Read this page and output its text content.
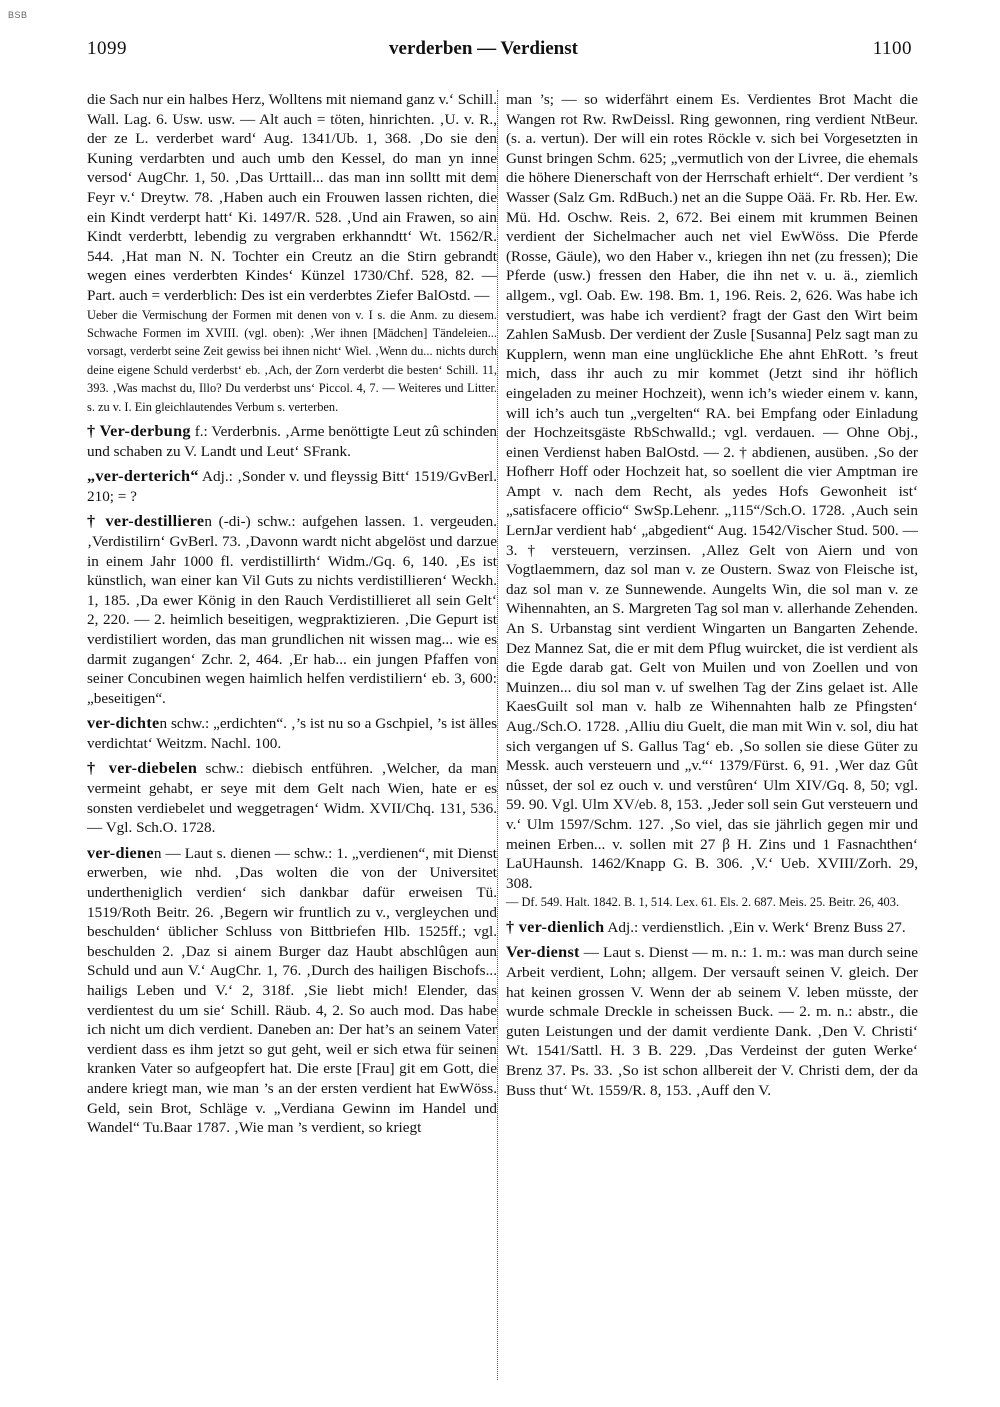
BSB
1099	verderben — Verdienst	1100

die Sach nur ein halbes Herz, Wolltens mit niemand ganz v.‘ Schill. Wall. Lag. 6. Usw. usw. — Alt auch = töten, hinrichten. ‚U. v. R., der ze L. verderbet ward‘ Aug. 1341/Ub. 1, 368. ‚Do sie den Kuning verdarbten und auch umb den Kessel, do man yn inne versod‘ AugChr. 1, 50. ‚Das Urttaill... das man inn solltt mit dem Feyr v.‘ Dreytw. 78. ‚Haben auch ein Frouwen lassen richten, die ein Kindt verderpt hatt‘ Ki. 1497/R. 528. ‚Und ain Frawen, so ain Kindt verderbtt, lebendig zu vergraben erkhanndtt‘ Wt. 1562/R. 544. ‚Hat man N. N. Tochter ein Creutz an die Stirn gebrandt wegen eines verderbten Kindes‘ Künzel 1730/Chf. 528, 82. — Part. auch = verderblich: Des ist ein verderbtes Ziefer BalOstd. —

Ueber die Vermischung der Formen mit denen von v. I s. die Anm. zu diesem. Schwache Formen im XVIII. (vgl. oben): ‚Wer ihnen [Mädchen] Tändeleien... vorsagt, verderbt seine Zeit gewiss bei ihnen nicht‘ Wiel. ‚Wenn du... nichts durch deine eigene Schuld verderbst‘ eb. ‚Ach, der Zorn verderbt die besten‘ Schill. 11, 393. ‚Was machst du, Illo? Du verderbst uns‘ Piccol. 4, 7. — Weiteres und Litter. s. zu v. I. Ein gleichlautendes Verbum s. verterben.

† Ver-derbung f.: Verderbnis. ‚Arme benöttigte Leut zû schinden und schaben zu V. Landt und Leut‘ SFrank.

„ver-derterich“ Adj.: ‚Sonder v. und fleyssig Bitt‘ 1519/GvBerl. 210; = ?

† ver-destillieren (-di-) schw.: aufgehen lassen. 1. vergeuden. ‚Verdistilirn‘ GvBerl. 73. ‚Davonn wardt nicht abgelöst und darzue in einem Jahr 1000 fl. verdistillirth‘ Widm./Gq. 6, 140. ‚Es ist künstlich, wan einer kan Vil Guts zu nichts verdistillieren‘ Weckh. 1, 185. ‚Da ewer König in den Rauch Verdistillieret all sein Gelt‘ 2, 220. — 2. heimlich beseitigen, wegpraktizieren. ‚Die Gepurt ist verdistiliert worden, das man grundlichen nit wissen mag... wie es darmit zugangen‘ Zchr. 2, 464. ‚Er hab... ein jungen Pfaffen von seiner Concubinen wegen haimlich helfen verdistiliern‘ eb. 3, 600: „beseitigen“.

ver-dichten schw.: „erdichten“. ‚’s ist nu so a Gschpiel, ’s ist älles verdichtat‘ Weitzm. Nachl. 100.

† ver-diebelen schw.: diebisch entführen. ‚Welcher, da man vermeint gehabt, er seye mit dem Gelt nach Wien, hate er es sonsten verdiebelet und weggetragen‘ Widm. XVII/Chq. 131, 536. — Vgl. Sch.O. 1728.

ver-dienen — Laut s. dienen — schw.: 1. „verdienen“, mit Dienst erwerben, wie nhd. ‚Das wolten die von der Universitet undertheniglich verdien‘ sich dankbar dafür erweisen Tü. 1519/Roth Beitr. 26. ‚Begern wir fruntlich zu v., vergleychen und beschulden‘ üblicher Schluss von Bittbriefen Hlb. 1525ff.; vgl. beschulden 2. ‚Daz si ainem Burger daz Haubt abschlûgen aun Schuld und aun V.‘ AugChr. 1, 76. ‚Durch des hailigen Bischofs... hailigs Leben und V.‘ 2, 318f. ‚Sie liebt mich! Elender, das verdientest du um sie‘ Schill. Räub. 4, 2. So auch mod. Das habe ich nicht um dich verdient. Daneben an: Der hat’s an seinem Vater verdient dass es ihm jetzt so gut geht, weil er sich etwa für seinen kranken Vater so aufgeopfert hat. Die erste [Frau] git em Gott, die andere kriegt man, wie man ’s an der ersten verdient hat EwWöss. Geld, sein Brot, Schläge v. „Verdiana Gewinn im Handel und Wandel“ Tu.Baar 1787. ‚Wie man ’s verdient, so kriegt

man ’s; — so widerfährt einem Es. Verdientes Brot Macht die Wangen rot Rw. RwDeissl. Ring gewonnen, ring verdient NtBeur. (s. a. vertun). Der will ein rotes Röckle v. sich bei Vorgesetzten in Gunst bringen Schm. 625; „vermutlich von der Livree, die ehemals die höhere Dienerschaft von der Herrschaft erhielt“. Der verdient ’s Wasser (Salz Gm. RdBuch.) net an die Suppe Oää. Fr. Rb. Her. Ew. Mü. Hd. Oschw. Reis. 2, 672. Bei einem mit krummen Beinen verdient der Sichelmacher auch net viel EwWöss. Die Pferde (Rosse, Gäule), wo den Haber v., kriegen ihn net (zu fressen); Die Pferde (usw.) fressen den Haber, die ihn net v. u. ä., ziemlich allgem., vgl. Oab. Ew. 198. Bm. 1, 196. Reis. 2, 626. Was habe ich verstudiert, was habe ich verdient? fragt der Gast den Wirt beim Zahlen SaMusb. Der verdient der Zusle [Susanna] Pelz sagt man zu Kupplern, wenn man eine unglückliche Ehe ahnt EhRott. ’s freut mich, dass ihr auch zu mir kommet (Jetzt sind ihr höflich eingeladen zu meiner Hochzeit), wenn ich’s wieder einem v. kann, will ich’s auch tun „vergelten“ RA. bei Empfang oder Einladung der Hochzeitsgäste RbSchwalld.; vgl. verdauen. — Ohne Obj., einen Verdienst haben BalOstd. — 2. † abdienen, ausüben. ‚So der Hofherr Hoff oder Hochzeit hat, so soellent die vier Amptman ire Ampt v. nach dem Recht, als yedes Hofs Gewonheit ist‘ „satisfacere officio“ SwSp.Lehenr. „115“/Sch.O. 1728. ‚Auch sein LernJar verdient hab‘ „abgedient“ Aug. 1542/Vischer Stud. 500. — 3. † versteuern, verzinsen. ‚Allez Gelt von Aiern und von Vogtlaemmern, daz sol man v. ze Oustern. Swaz von Fleische ist, daz sol man v. ze Sunnewende. Aungelts Win, die sol man v. ze Wihennahten, an S. Margreten Tag sol man v. allerhande Zehenden. An S. Urbanstag sint verdient Wingarten un Bangarten Zehende. Dez Mannez Sat, die er mit dem Pflug wuircket, die ist verdient als die Egde darab gat. Gelt von Muilen und von Zoellen und von Muinzen... diu sol man v. uf swelhen Tag der Zins gelaet ist. Alle KaesGuilt sol man v. halb ze Wihennahten halb ze Pfingsten‘ Aug./Sch.O. 1728. ‚Alliu diu Guelt, die man mit Win v. sol, diu hat sich vergangen uf S. Gallus Tag‘ eb. ‚So sollen sie diese Güter zu Messk. auch versteuern und „v.“‘ 1379/Fürst. 6, 91. ‚Wer daz Gût nûsset, der sol ez ouch v. und verstûren‘ Ulm XIV/Gq. 8, 50; vgl. 59. 90. Vgl. Ulm XV/eb. 8, 153. ‚Jeder soll sein Gut versteuern und v.‘ Ulm 1597/Schm. 127. ‚So viel, das sie jährlich gegen mir und meinen Erben... v. sollen mit 27 β H. Zins und 1 Fasnachthen‘ LaUHaunsh. 1462/Knapp G. B. 306. ‚V.‘ Ueb. XVIII/Zorh. 29, 308.

— Df. 549. Halt. 1842. B. 1, 514. Lex. 61. Els. 2. 687. Meis. 25. Beitr. 26, 403.

† ver-dienlich Adj.: verdienstlich. ‚Ein v. Werk‘ Brenz Buss 27.

Ver-dienst — Laut s. Dienst — m. n.: 1. m.: was man durch seine Arbeit verdient, Lohn; allgem. Der versauft seinen V. gleich. Der hat keinen grossen V. Wenn der ab seinem V. leben müsste, der wurde schmale Dreckle in scheissen Buck. — 2. m. n.: abstr., die guten Leistungen und der damit verdiente Dank. ‚Den V. Christi‘ Wt. 1541/Sattl. H. 3 B. 229. ‚Das Verdeinst der guten Werke‘ Brenz 37. Ps. 33. ‚So ist schon allbereit der V. Christi dem, der da Buss thut‘ Wt. 1559/R. 8, 153. ‚Auff den V.
